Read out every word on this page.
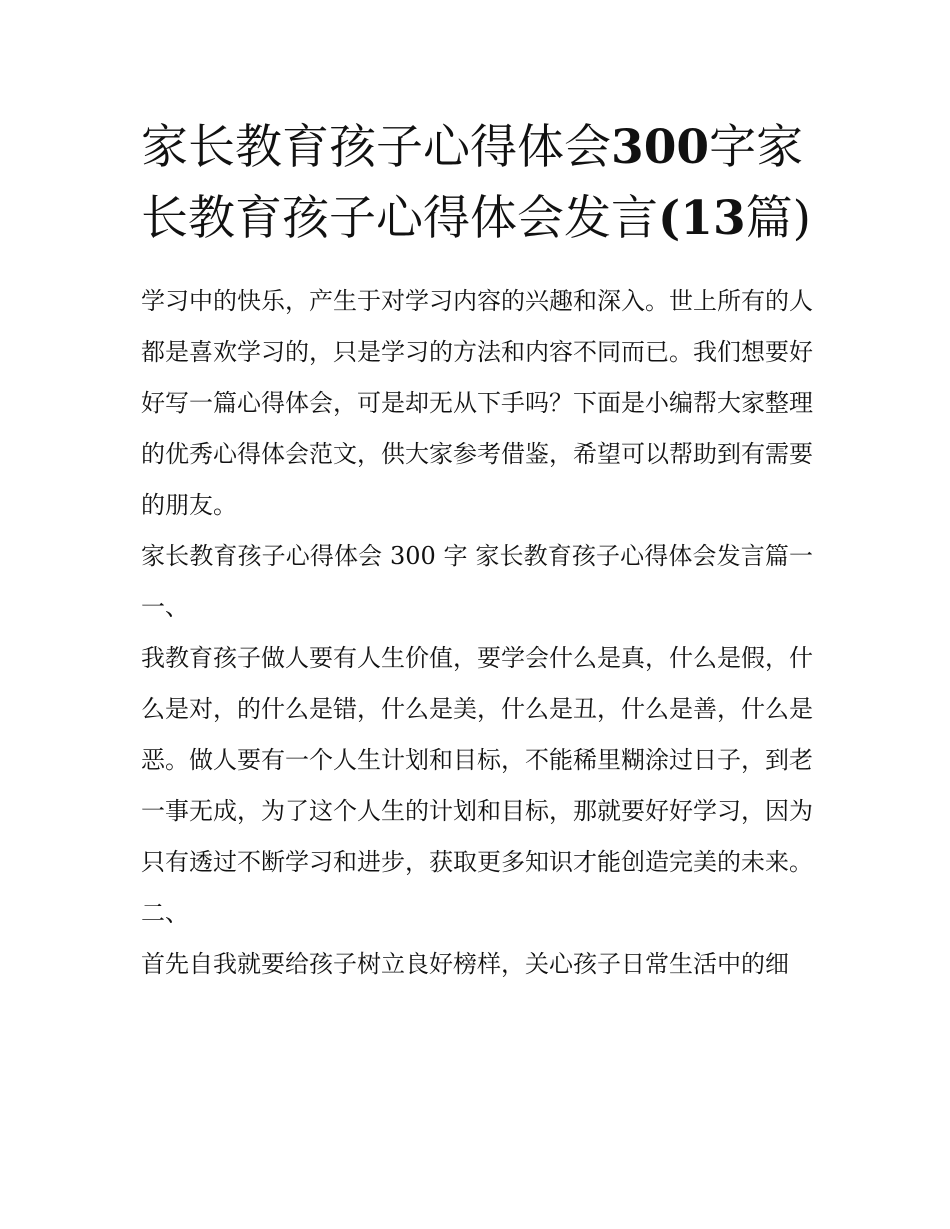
家长教育孩子心得体会300字家长教育孩子心得体会发言(13篇)

学习中的快乐，产生于对学习内容的兴趣和深入。世上所有的人都是喜欢学习的，只是学习的方法和内容不同而已。我们想要好好写一篇心得体会，可是却无从下手吗？下面是小编帮大家整理的优秀心得体会范文，供大家参考借鉴，希望可以帮助到有需要的朋友。

家长教育孩子心得体会 300 字 家长教育孩子心得体会发言篇一 一、

我教育孩子做人要有人生价值，要学会什么是真，什么是假，什么是对，的什么是错，什么是美，什么是丑，什么是善，什么是恶。做人要有一个人生计划和目标，不能稀里糊涂过日子，到老一事无成，为了这个人生的计划和目标，那就要好好学习，因为只有透过不断学习和进步，获取更多知识才能创造完美的未来。

二、

首先自我就要给孩子树立良好榜样，关心孩子日常生活中的细
